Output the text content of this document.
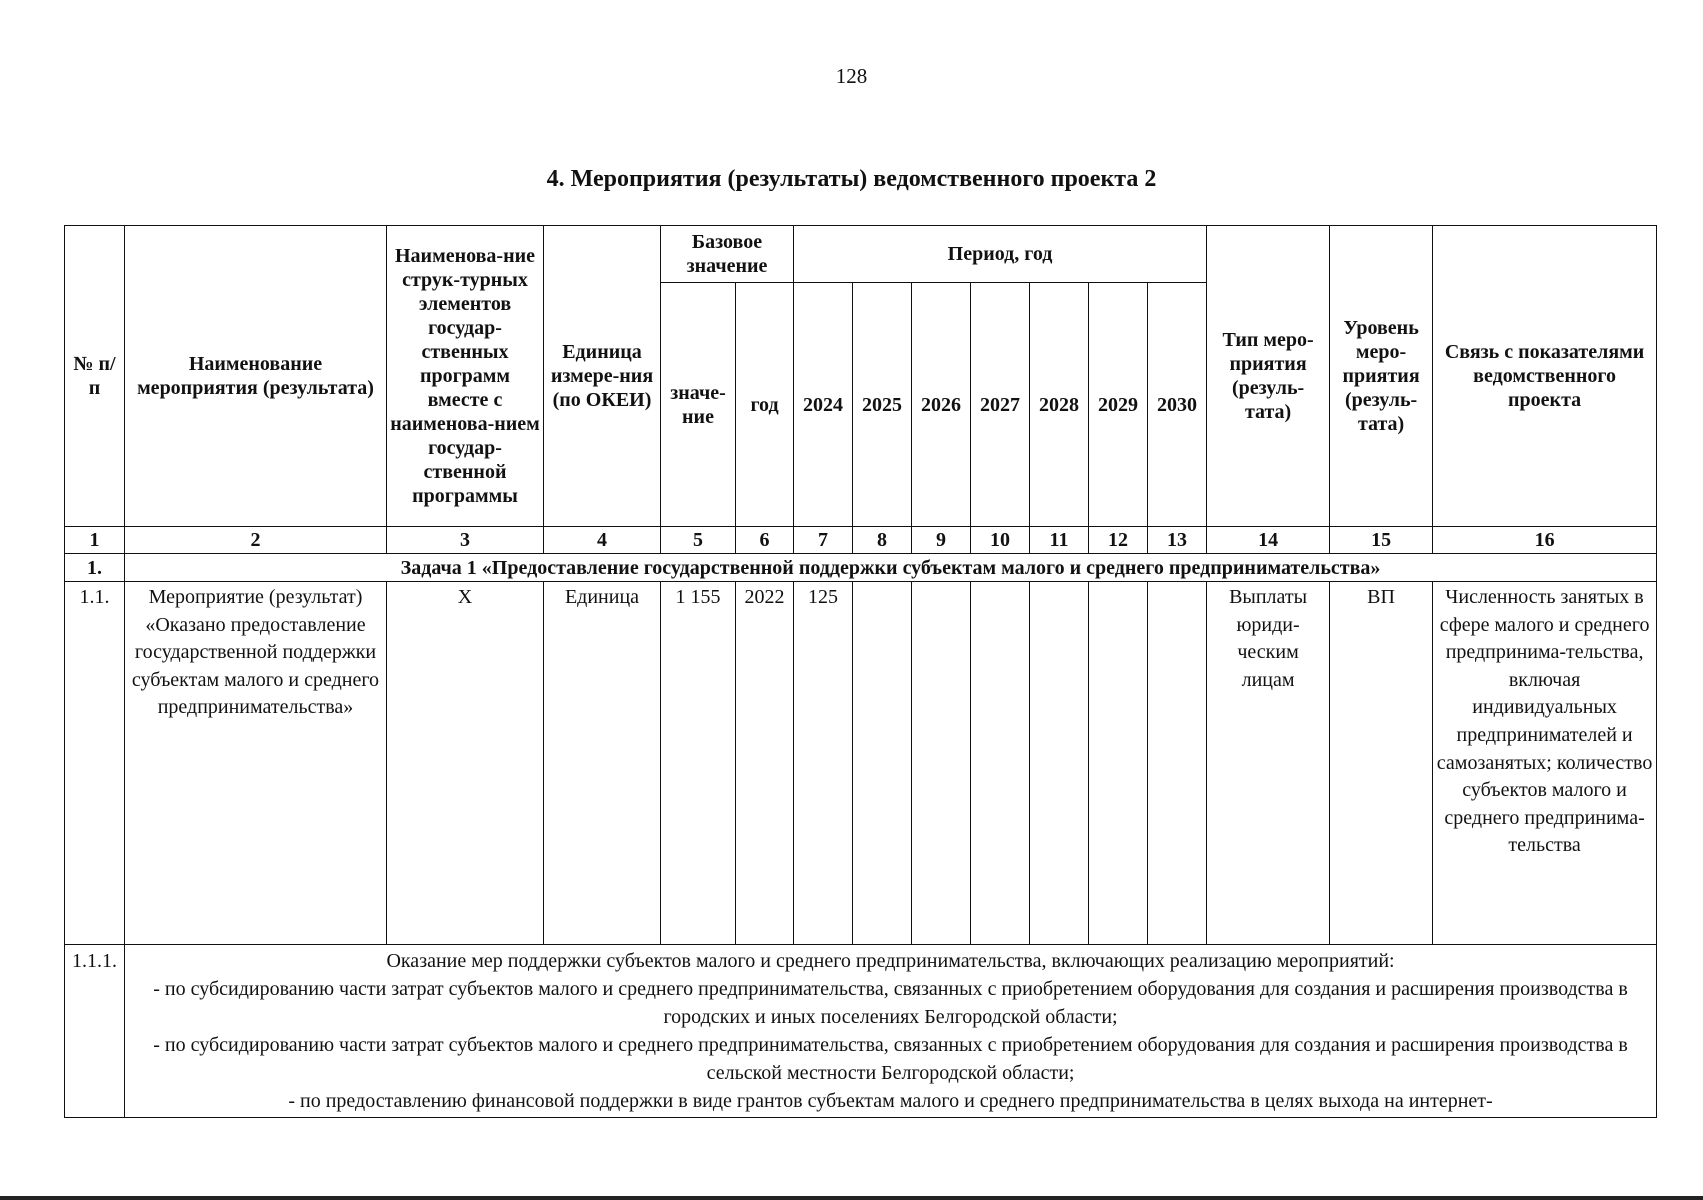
128
4. Мероприятия (результаты) ведомственного проекта 2
№ п/п	Наименование мероприятия (результата)	Наименова-ние струк-турных элементов государ-ственных программ вместе с наименова-нием государ-ственной программы	Единица измере-ния (по ОКЕИ)	Базовое значение		Период, год							Тип меро-приятия (резуль-тата)	Уровень меро-приятия (резуль-тата)	Связь с показателями ведомственного проекта
				значе-ние	год	2024	2025	2026	2027	2028	2029	2030			
1	2	3	4	5	6	7	8	9	10	11	12	13	14	15	16
1.	Задача 1 «Предоставление государственной поддержки субъектам малого и среднего предпринимательства»														
1.1.	Мероприятие (результат) «Оказано предоставление государственной поддержки субъектам малого и среднего предпринимательства»	Х	Единица	1 155	2022	125							Выплаты юриди-ческим лицам	ВП	Численность занятых в сфере малого и среднего предпринима-тельства, включая индивидуальных предпринимателей и самозанятых; количество субъектов малого и среднего предпринима-тельства
1.1.1.	Оказание мер поддержки субъектов малого и среднего предпринимательства, включающих реализацию мероприятий:
- по субсидированию части затрат субъектов малого и среднего предпринимательства, связанных с приобретением оборудования для создания и расширения производства в городских и иных поселениях Белгородской области;
- по субсидированию части затрат субъектов малого и среднего предпринимательства, связанных с приобретением оборудования для создания и расширения производства в сельской местности Белгородской области;
- по предоставлению финансовой поддержки в виде грантов субъектам малого и среднего предпринимательства в целях выхода на интернет-														
